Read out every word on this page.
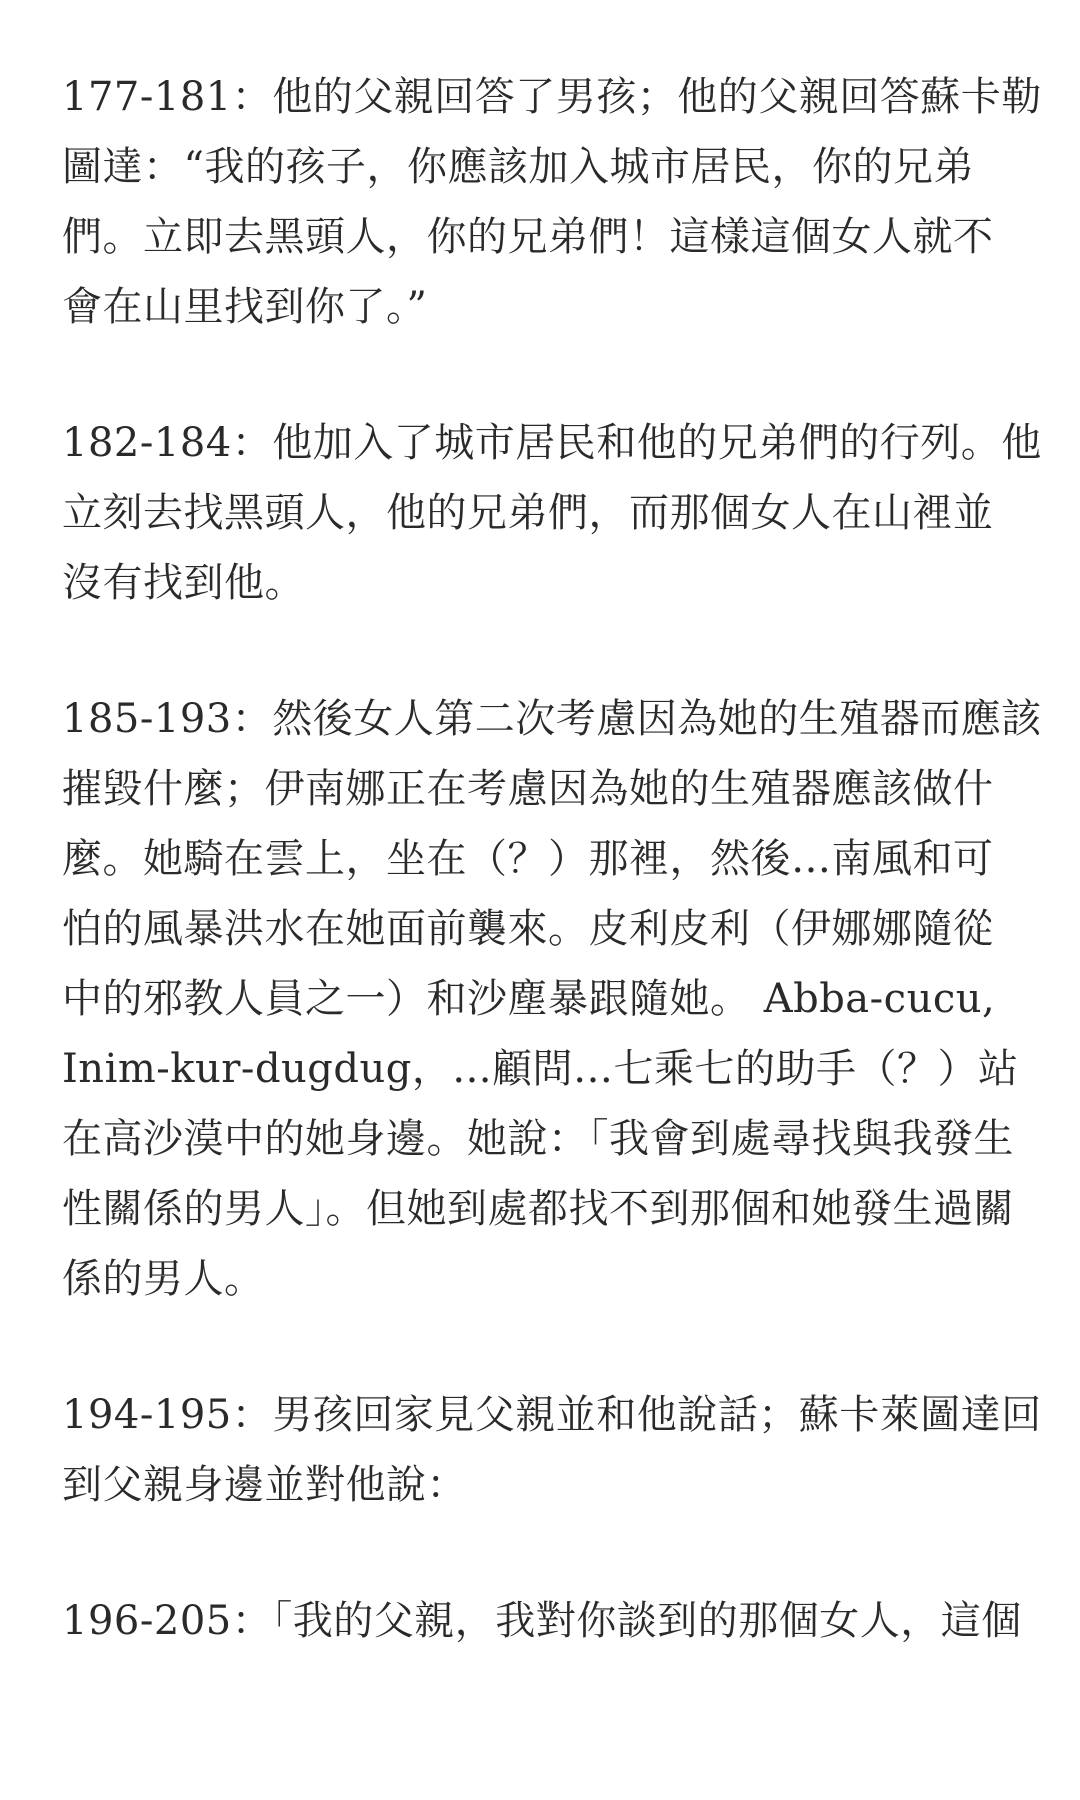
177-181：他的父親回答了男孩；他的父親回答蘇卡勒
圖達：“我的孩子，你應該加入城市居民，你的兄弟
們。立即去黑頭人，你的兄弟們！這樣這個女人就不
會在山里找到你了。”

182-184：他加入了城市居民和他的兄弟們的行列。他
立刻去找黑頭人，他的兄弟們，而那個女人在山裡並
沒有找到他。

185-193：然後女人第二次考慮因為她的生殖器而應該
摧毀什麼；伊南娜正在考慮因為她的生殖器應該做什
麼。她騎在雲上，坐在（？）那裡，然後…南風和可
怕的風暴洪水在她面前襲來。皮利皮利（伊娜娜隨從
中的邪教人員之一）和沙塵暴跟隨她。 Abba-cucu,
Inim-kur-dugdug，...顧問…七乘七的助手（？）站
在高沙漠中的她身邊。她說：「我會到處尋找與我發生
性關係的男人」。但她到處都找不到那個和她發生過關
係的男人。

194-195：男孩回家見父親並和他說話；蘇卡萊圖達回
到父親身邊並對他說：

196-205：「我的父親，我對你談到的那個女人，這個
